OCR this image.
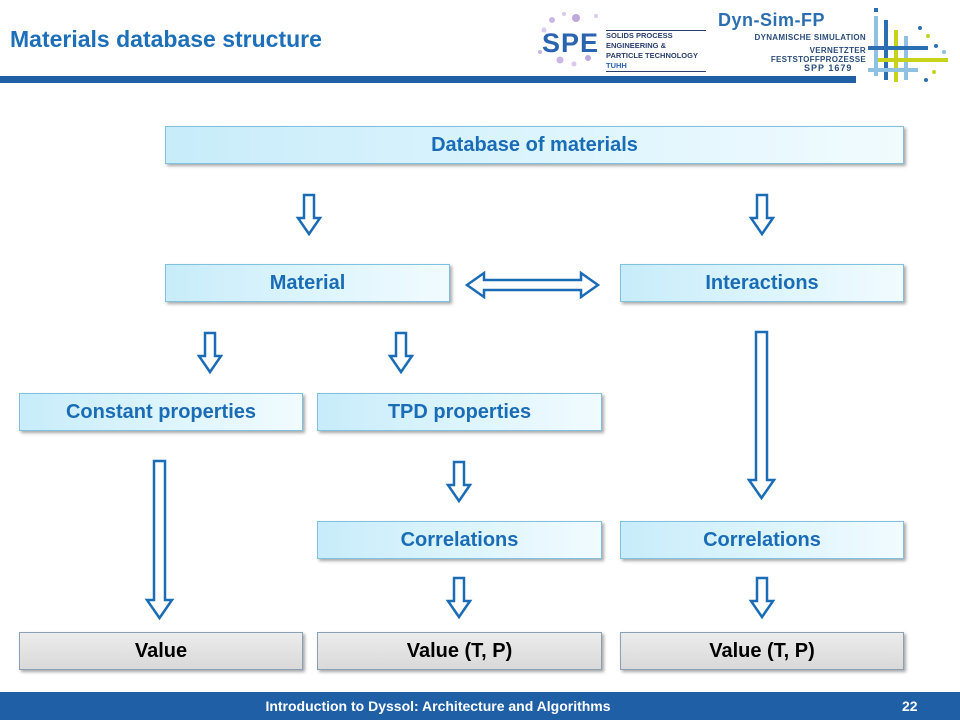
Materials database structure	SPE SOLIDS PROCESS ENGINEERING &
PARTICLE TECHNOLOGY TUHH
Dyn-Sim-FP
DYNAMISCHE SIMULATION
VERNETZTER FESTSTOFFPROZESSE
SPP 1679
Database of materials
Material	Interactions
Constant properties	TPD properties
Correlations	Correlations
Value	Value (T, P)	Value (T, P)
Introduction to Dyssol: Architecture and Algorithms	22
